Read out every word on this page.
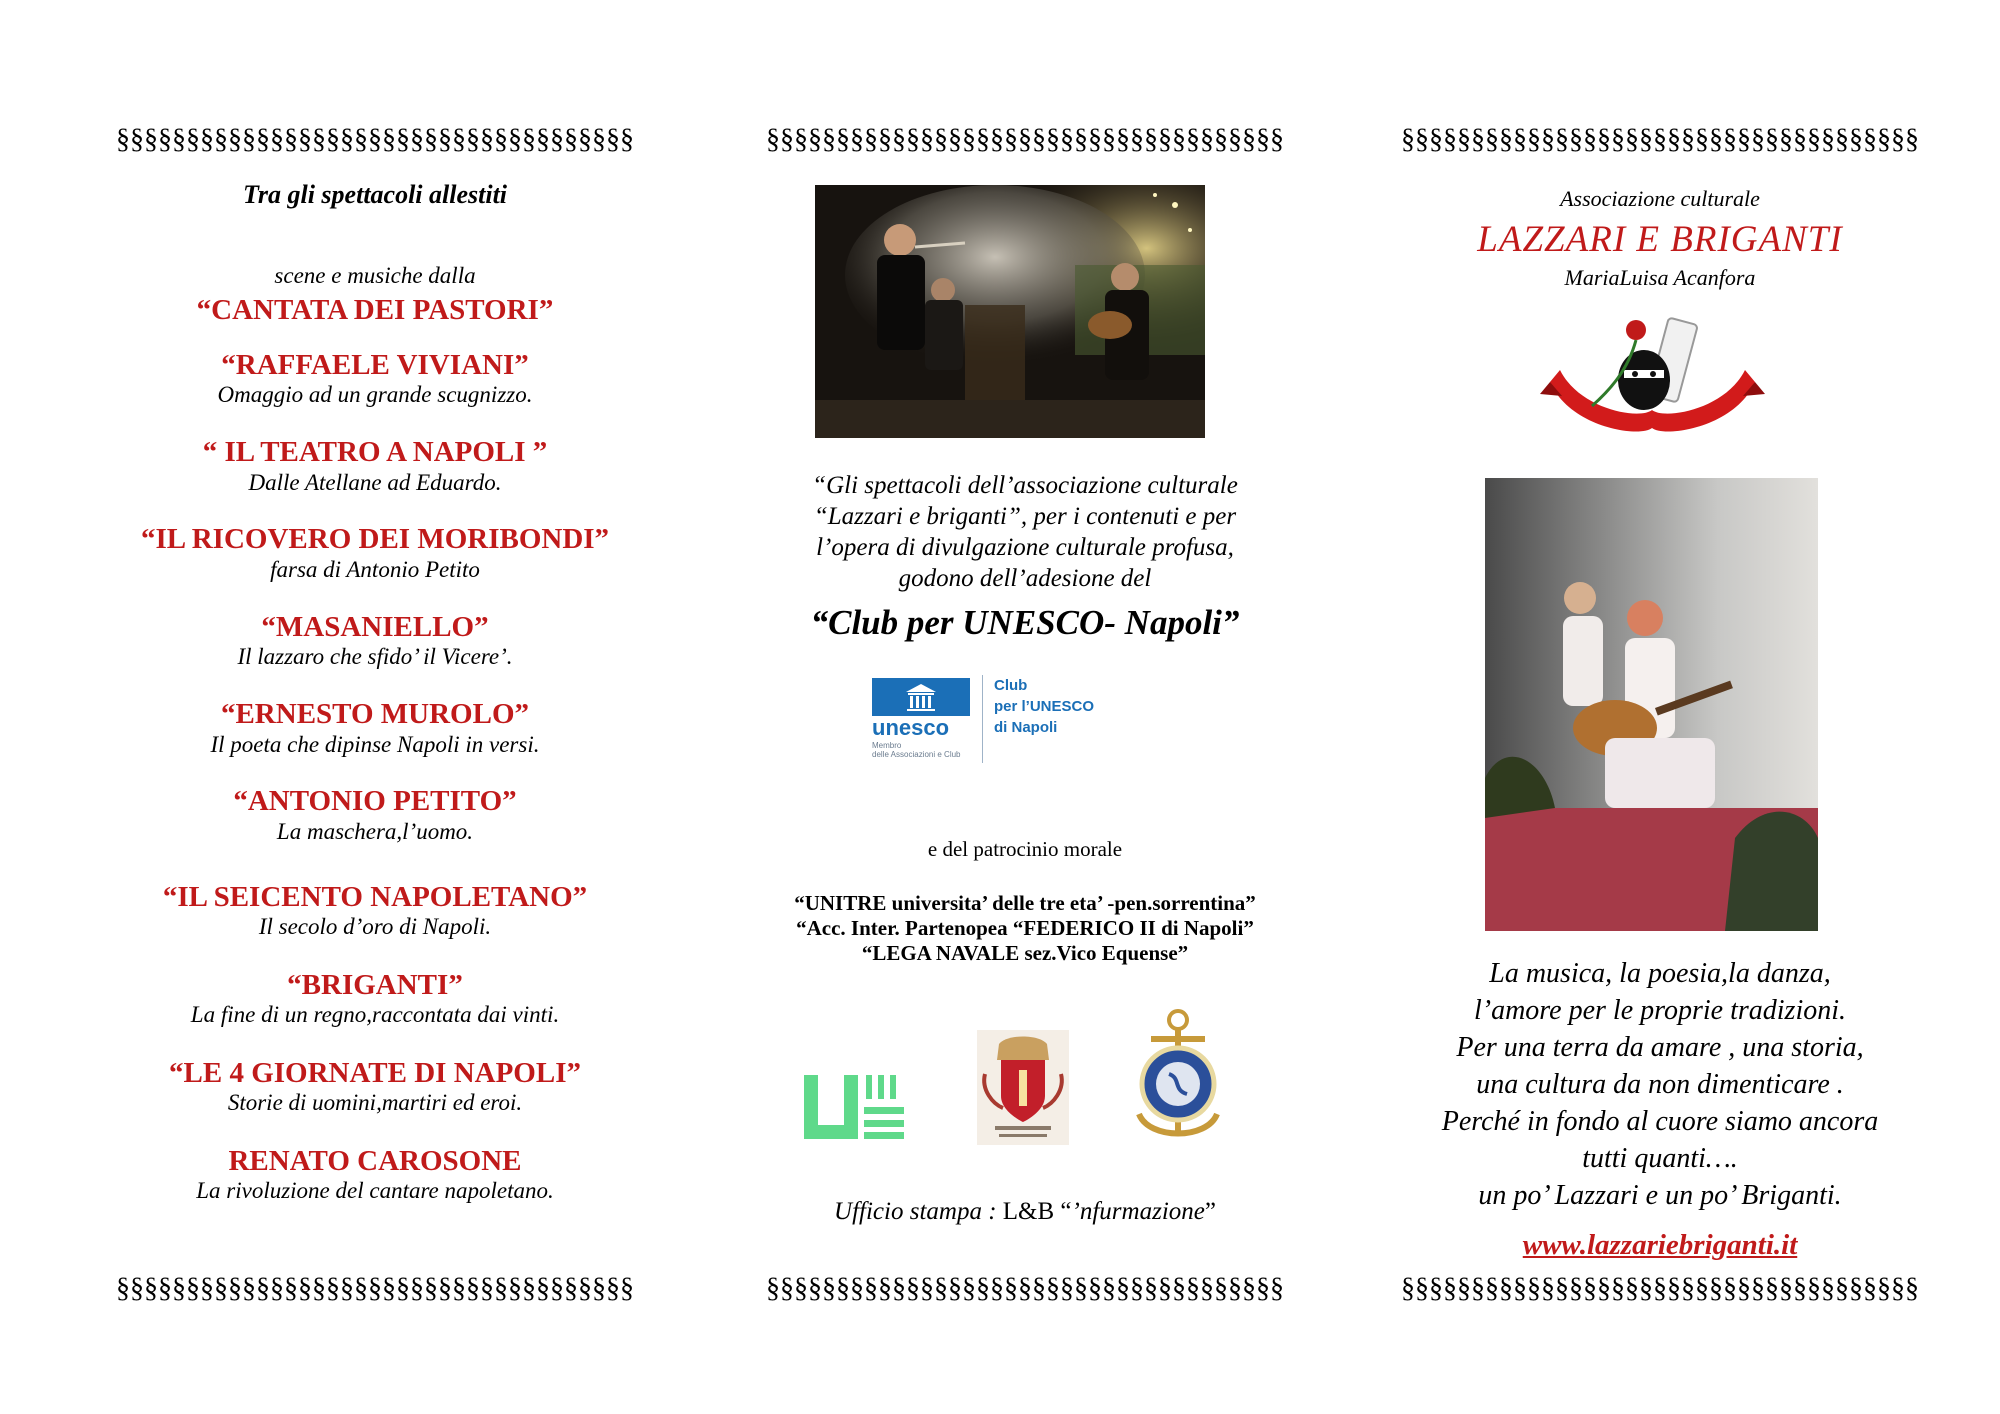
§§§§§§§§§§§§§§§§§§§§§§§§§§§§§§§§§§§§§
Tra gli spettacoli allestiti
scene e musiche dalla
“CANTATA DEI PASTORI”
“RAFFAELE VIVIANI”
Omaggio ad un grande scugnizzo.
“ IL TEATRO A NAPOLI ”
Dalle Atellane ad Eduardo.
“IL RICOVERO DEI MORIBONDI”
farsa di Antonio Petito
“MASANIELLO”
Il lazzaro che sfido’ il Vicere’.
“ERNESTO MUROLO”
Il poeta che dipinse Napoli in versi.
“ANTONIO PETITO”
La maschera,l’uomo.
“IL SEICENTO NAPOLETANO”
Il secolo d’oro di Napoli.
“BRIGANTI”
La fine di un regno,raccontata dai vinti.
“LE 4 GIORNATE DI NAPOLI”
Storie di uomini,martiri ed eroi.
RENATO CAROSONE
La rivoluzione del cantare napoletano.
§§§§§§§§§§§§§§§§§§§§§§§§§§§§§§§§§§§§§
§§§§§§§§§§§§§§§§§§§§§§§§§§§§§§§§§§§§§
“Gli spettacoli dell’associazione culturale
“Lazzari e briganti”, per i contenuti e per
l’opera di divulgazione culturale profusa,
godono dell’adesione del
“Club per UNESCO- Napoli”
unesco
Membro
delle Associazioni e Club
Club
per l’UNESCO
di Napoli
e del patrocinio morale
“UNITRE universita’ delle tre eta’ -pen.sorrentina”
“Acc. Inter. Partenopea “FEDERICO II di Napoli”
“LEGA NAVALE sez.Vico Equense”
Ufficio stampa : L&B “’nfurmazione”
§§§§§§§§§§§§§§§§§§§§§§§§§§§§§§§§§§§§§
§§§§§§§§§§§§§§§§§§§§§§§§§§§§§§§§§§§§§
Associazione culturale
LAZZARI E BRIGANTI
MariaLuisa Acanfora
La musica, la poesia,la danza,
l’amore per le proprie tradizioni.
Per una terra da amare , una storia,
una cultura da non dimenticare .
Perché in fondo al cuore siamo ancora
tutti quanti….
un po’ Lazzari e un po’ Briganti.
www.lazzariebriganti.it
§§§§§§§§§§§§§§§§§§§§§§§§§§§§§§§§§§§§§
